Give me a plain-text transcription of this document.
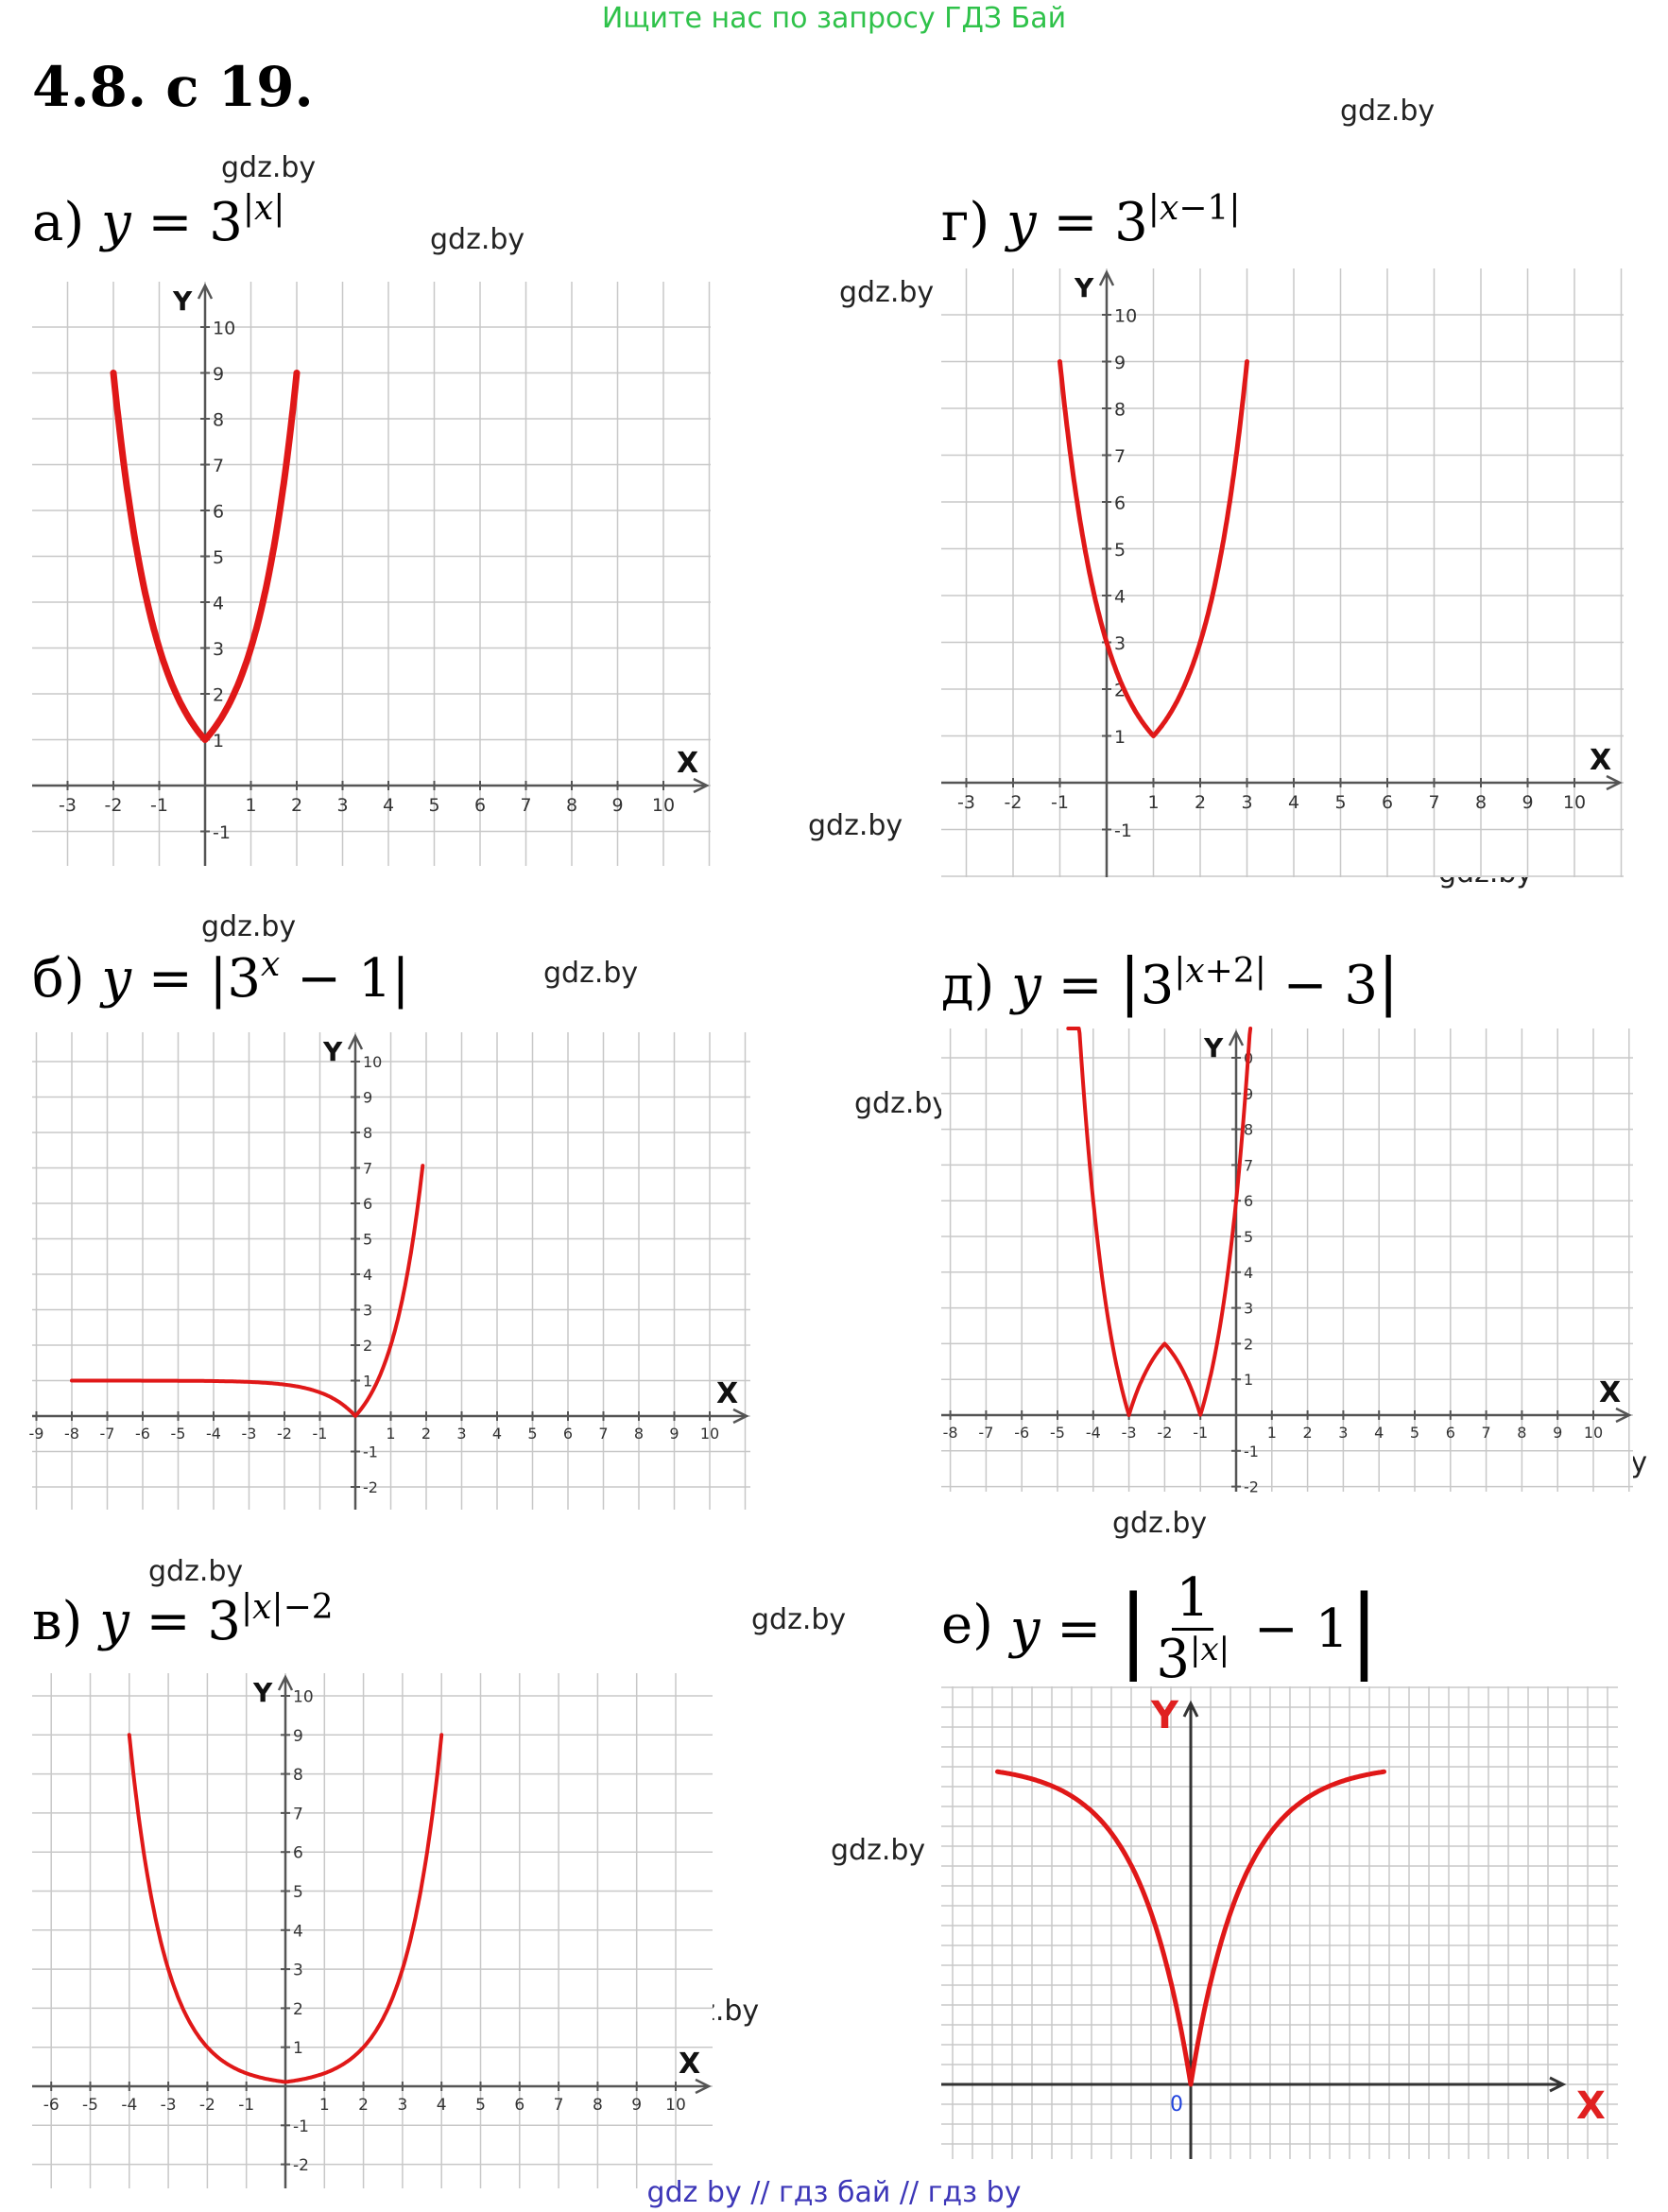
Ищите нас по запросу ГДЗ Бай
4.8. с 19.	gdz.by
gdz.by
gdz.by
gdz.by
gdz.by
gdz.by
gdz.by
gdz.by
gdz.by
gdz.by
gdz.by
gdz.by
gdz.by
gdz.by
gdz.by
gdz.by
gdz.by
gdz.by
gdz.by
а) $y = 3^{|x|}$	г) $y = 3^{|x-1|}$
б) $y = |3^x - 1|$	д) $y = |3^{|x+2|} - 3|$
в) $y = 3^{|x|-2}$	е) y = | 1
$3^{|x|} - 1$ |
X
Y
-3 -2 -1	1 2 3 4 5 6 7 8 9 10
-1
1
2
3
4
5
6
7
8
9
10
X
Y
-3 -2 -1	1 2 3 4 5 6 7 8 9 10
-1
1
2
3
4
5
6
7
8
9
10
X
Y
-9 -8 -7 -6 -5 -4 -3 -2 -1	1 2 3 4 5 6 7 8 9 10
-2
-1
1
2
3
4
5
6
7
8
9
10
X
Y
-8 -7 -6 -5 -4 -3 -2 -1	1 2 3 4 5 6 7 8 9 10
-2
-1
1
2
3
4
5
6
7
8
9
0
X
Y
-6 -5 -4 -3 -2 -1	1 2 3 4 5 6 7 8 9 10
-2
-1
1
2
3
4
5
6
7
8
9
10
X
Y
0
gdz by // гдз бай // гдз by
